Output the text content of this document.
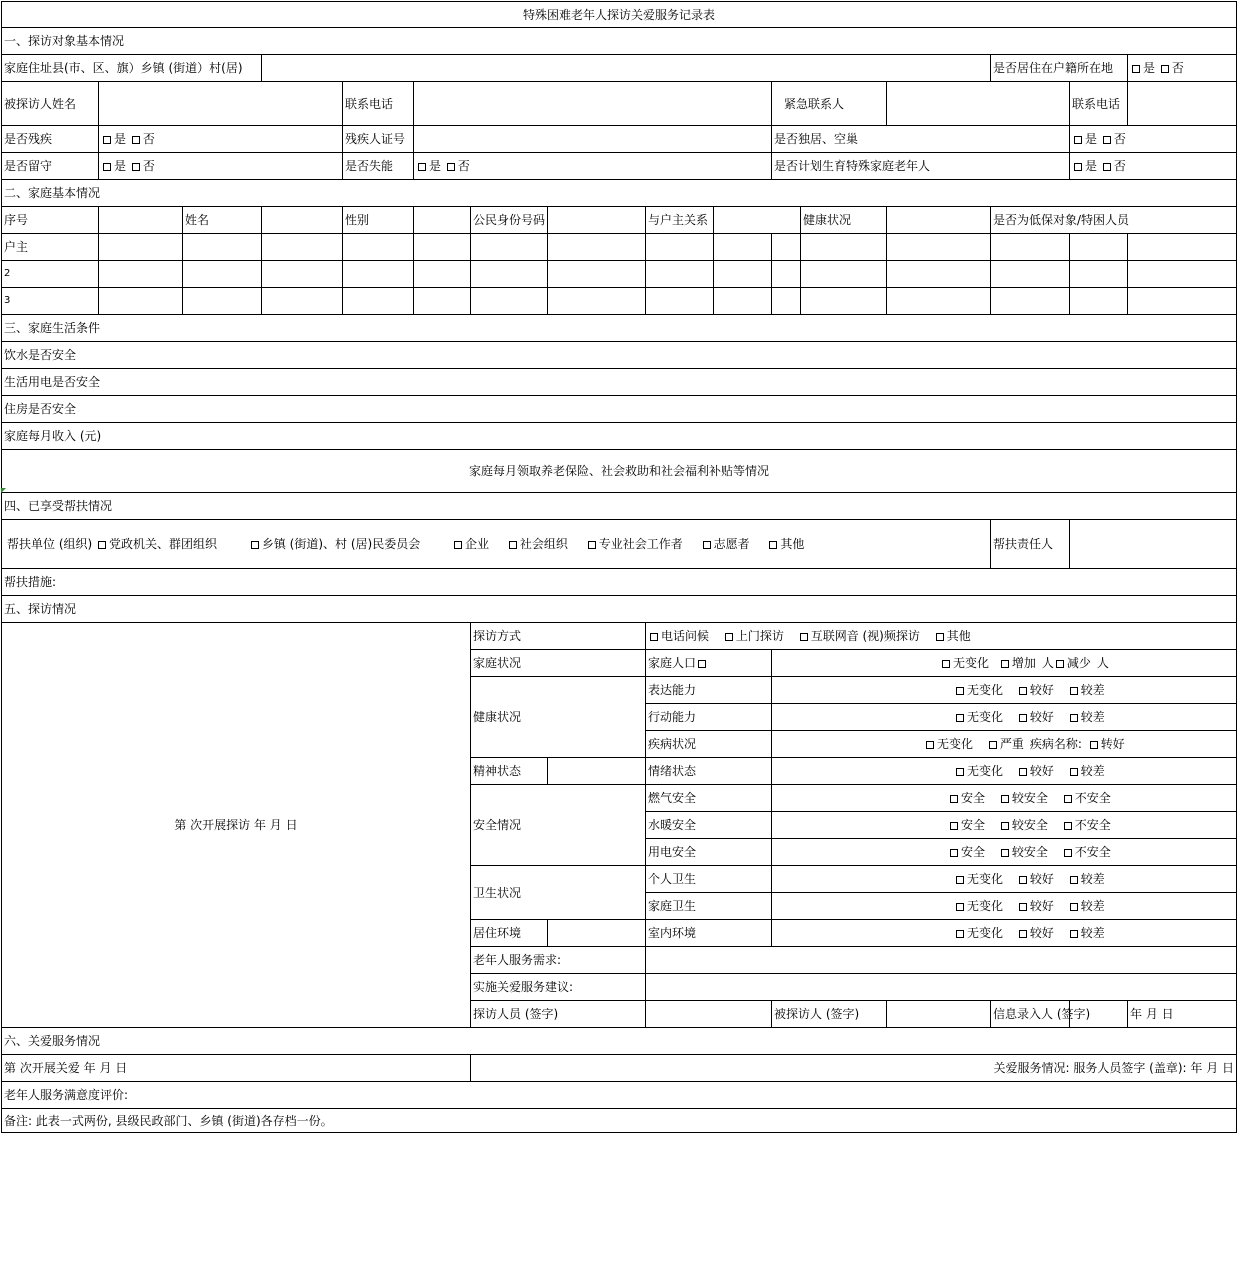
特殊困难老年人探访关爱服务记录表															
一、探访对象基本情况															
家庭住址县(市、区、旗）乡镇 (街道）村(居)													是否居住在户籍所在地		是 否
被探访人姓名				联系电话						紧急联系人				联系电话	
是否残疾	是 否			残疾人证号						是否独居、空巢				是 否	
是否留守	是 否			是否失能	是 否					是否计划生育特殊家庭老年人				是 否	
二、家庭基本情况															
序号		姓名		性别		公民身份号码		与户主关系			健康状况		是否为低保对象/特困人员		
户主															
2															
3															
三、家庭生活条件															
饮水是否安全															
生活用电是否安全															
住房是否安全															
家庭每月收入 (元)															
家庭每月领取养老保险、社会救助和社会福利补贴等情况															
四、已享受帮扶情况															
帮扶单位 (组织) 党政机关、群团组织 乡镇 (街道)、村 (居)民委员会 企业 社会组织 专业社会工作者 志愿者 其他													帮扶责任人		
帮扶措施:															
五、探访情况															
第 次开展探访 年 月 日						探访方式		电话问候 上门探访 互联网音 (视)频探访 其他							
						家庭状况		家庭人口		无变化 增加 人 减少 人					
						健康状况		表达能力		无变化 较好 较差					
								行动能力		无变化 较好 较差					
								疾病状况		无变化 严重 疾病名称: 转好					
						精神状态		情绪状态		无变化 较好 较差					
						安全情况		燃气安全		安全 较安全 不安全					
								水暖安全		安全 较安全 不安全					
								用电安全		安全 较安全 不安全					
						卫生状况		个人卫生		无变化 较好 较差					
								家庭卫生		无变化 较好 较差					
						居住环境		室内环境		无变化 较好 较差					
						老年人服务需求:									
						实施关爱服务建议:									
						探访人员 (签字)				被探访人 (签字)			信息录入人 (签字)		年 月 日
六、关爱服务情况															
第 次开展关爱 年 月 日						关爱服务情况: 服务人员签字 (盖章): 年 月 日									
老年人服务满意度评价:															
备注: 此表一式两份, 县级民政部门、乡镇 (街道)各存档一份。															
